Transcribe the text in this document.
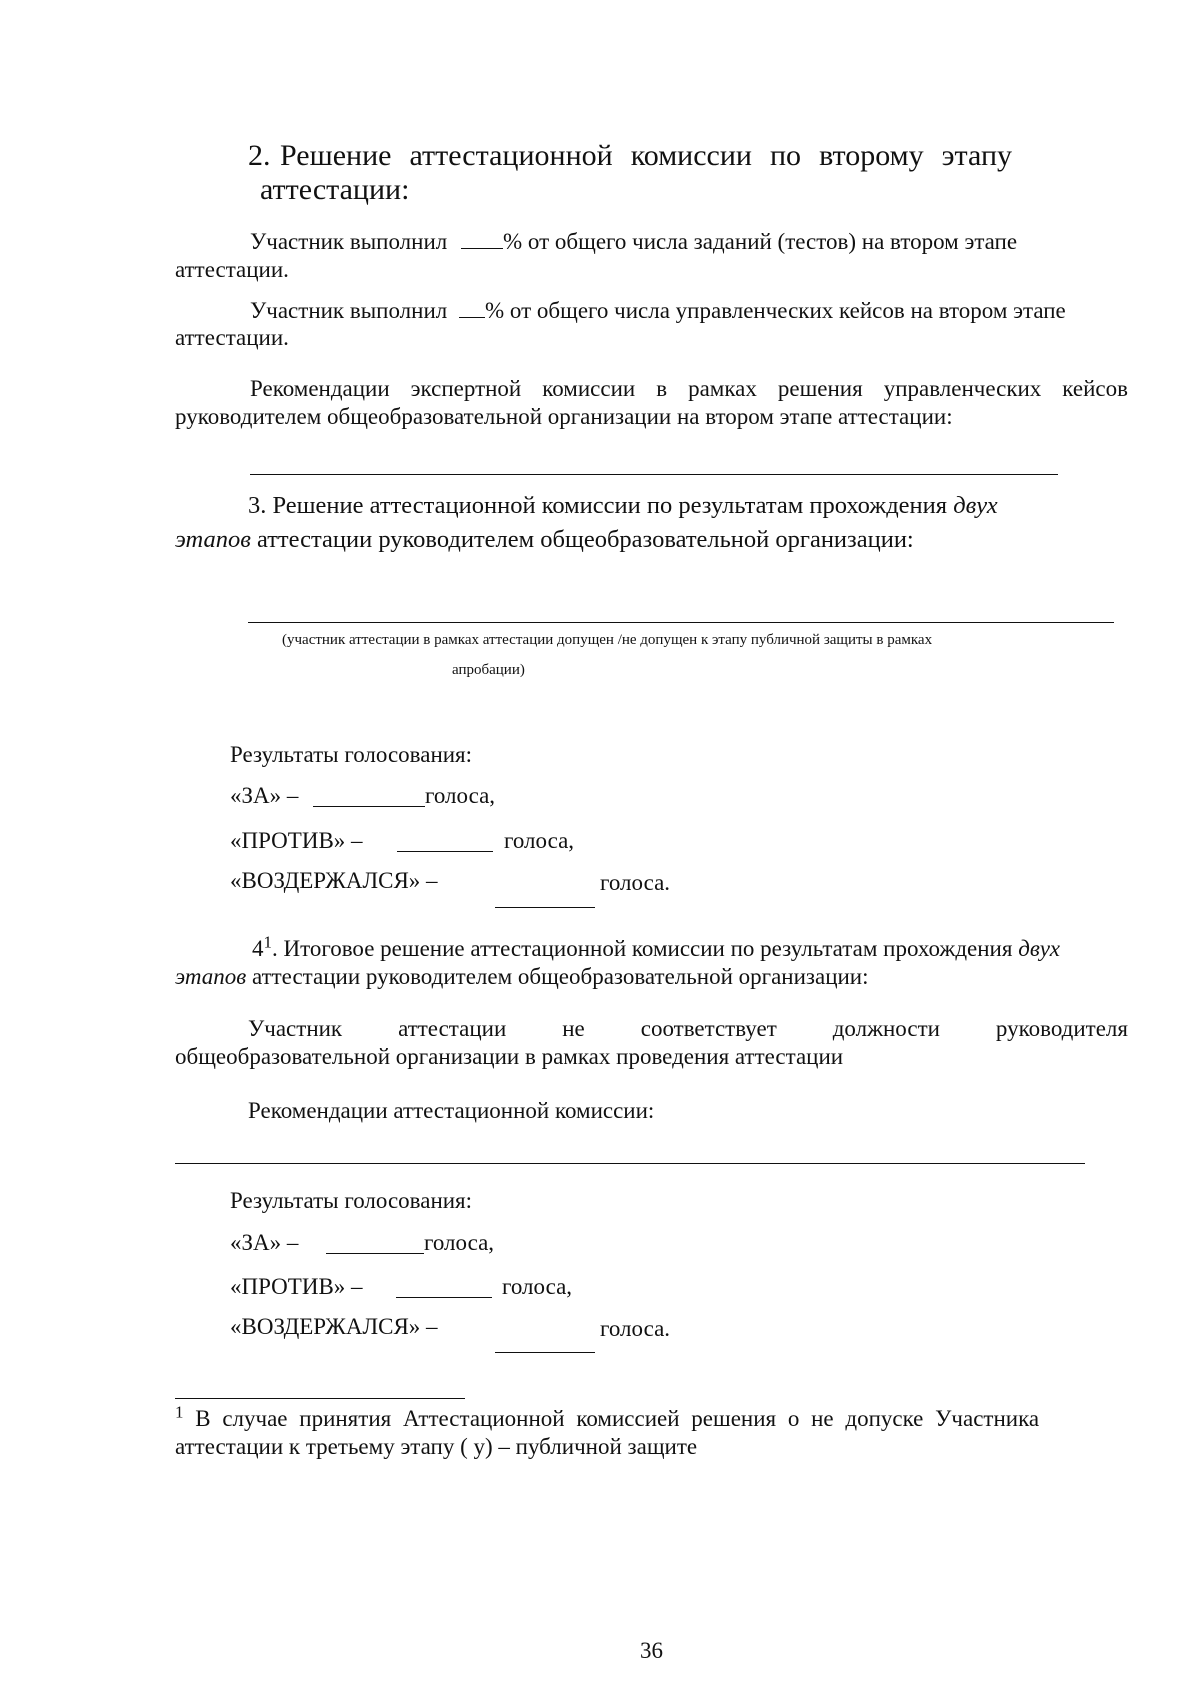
2. Решение аттестационной комиссии по второму этапу
аттестации:
Участник выполнил % от общего числа заданий (тестов) на втором этапе
аттестации.
Участник выполнил % от общего числа управленческих кейсов на втором этапе
аттестации.
Рекомендации экспертной комиссии в рамках решения управленческих кейсов
руководителем общеобразовательной организации на втором этапе аттестации:
3. Решение аттестационной комиссии по результатам прохождения двух
этапов аттестации руководителем общеобразовательной организации:
(участник аттестации в рамках аттестации допущен /не допущен к этапу публичной защиты в рамках
апробации)
Результаты голосования:
«ЗА» –	голоса,
«ПРОТИВ» –	голоса,
«ВОЗДЕРЖАЛСЯ» –	голоса.
$4^1$. Итоговое решение аттестационной комиссии по результатам прохождения двух
этапов аттестации руководителем общеобразовательной организации:
Участник аттестации не соответствует должности руководителя
общеобразовательной организации в рамках проведения аттестации
Рекомендации аттестационной комиссии:
Результаты голосования:
«ЗА» –	голоса,
«ПРОТИВ» –	голоса,
«ВОЗДЕРЖАЛСЯ» –	голоса.
$^1$ В случае принятия Аттестационной комиссией решения о не допуске Участника
аттестации к третьему этапу ( у) – публичной защите
36
